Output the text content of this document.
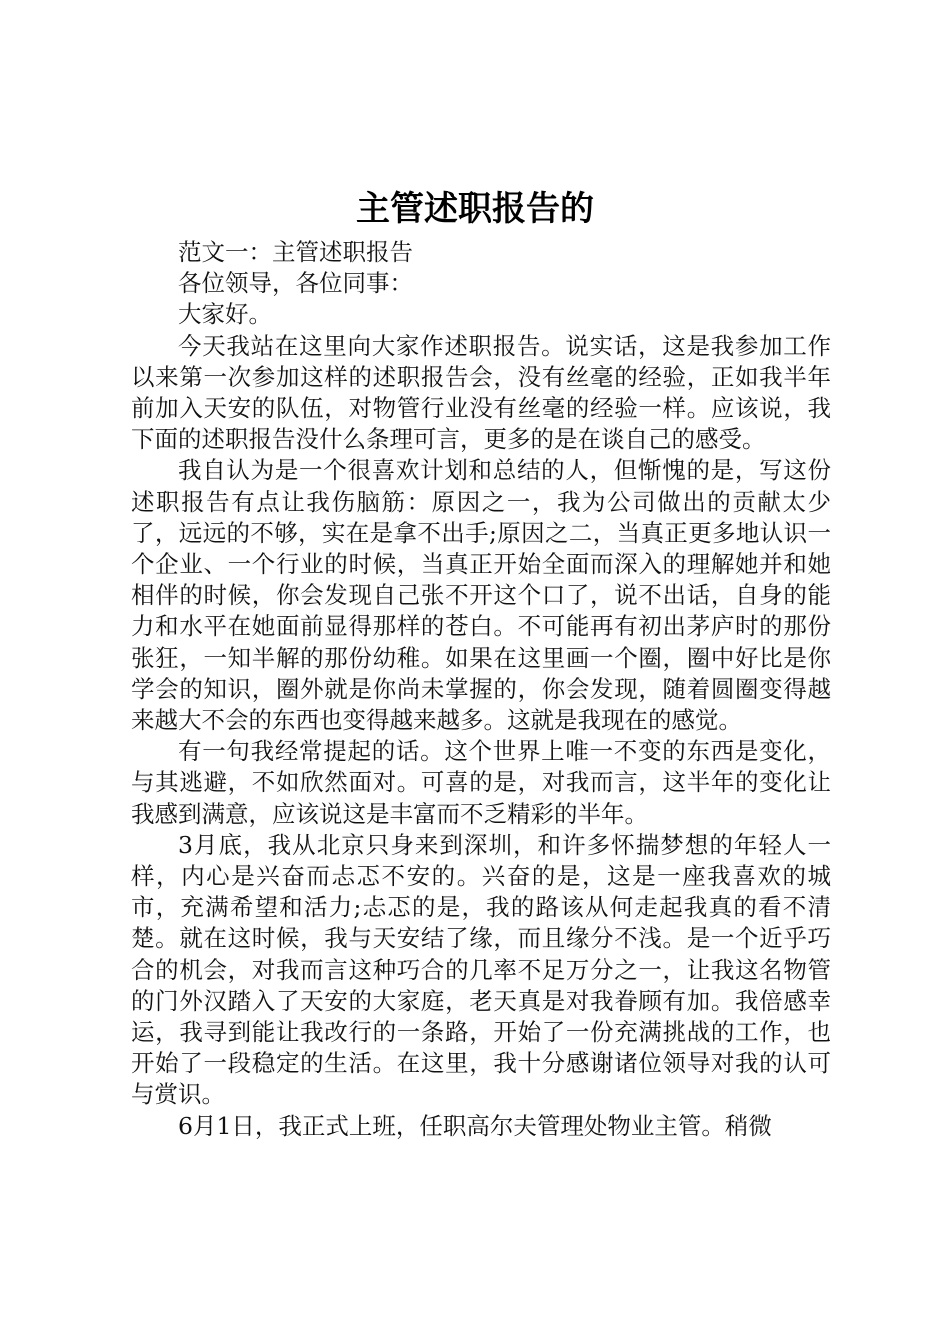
主管述职报告的

范文一：主管述职报告

各位领导，各位同事：

大家好。

今天我站在这里向大家作述职报告。说实话，这是我参加工作以来第一次参加这样的述职报告会，没有丝毫的经验，正如我半年前加入天安的队伍，对物管行业没有丝毫的经验一样。应该说，我下面的述职报告没什么条理可言，更多的是在谈自己的感受。

我自认为是一个很喜欢计划和总结的人，但惭愧的是，写这份述职报告有点让我伤脑筋：原因之一，我为公司做出的贡献太少了，远远的不够，实在是拿不出手;原因之二，当真正更多地认识一个企业、一个行业的时候，当真正开始全面而深入的理解她并和她相伴的时候，你会发现自己张不开这个口了，说不出话，自身的能力和水平在她面前显得那样的苍白。不可能再有初出茅庐时的那份张狂，一知半解的那份幼稚。如果在这里画一个圈，圈中好比是你学会的知识，圈外就是你尚未掌握的，你会发现，随着圆圈变得越来越大不会的东西也变得越来越多。这就是我现在的感觉。

有一句我经常提起的话。这个世界上唯一不变的东西是变化，与其逃避，不如欣然面对。可喜的是，对我而言，这半年的变化让我感到满意，应该说这是丰富而不乏精彩的半年。

3月底，我从北京只身来到深圳，和许多怀揣梦想的年轻人一样，内心是兴奋而忐忑不安的。兴奋的是，这是一座我喜欢的城市，充满希望和活力;忐忑的是，我的路该从何走起我真的看不清楚。就在这时候，我与天安结了缘，而且缘分不浅。是一个近乎巧合的机会，对我而言这种巧合的几率不足万分之一，让我这名物管的门外汉踏入了天安的大家庭，老天真是对我眷顾有加。我倍感幸运，我寻到能让我改行的一条路，开始了一份充满挑战的工作，也开始了一段稳定的生活。在这里，我十分感谢诸位领导对我的认可与赏识。

6月1日，我正式上班，任职高尔夫管理处物业主管。稍微
